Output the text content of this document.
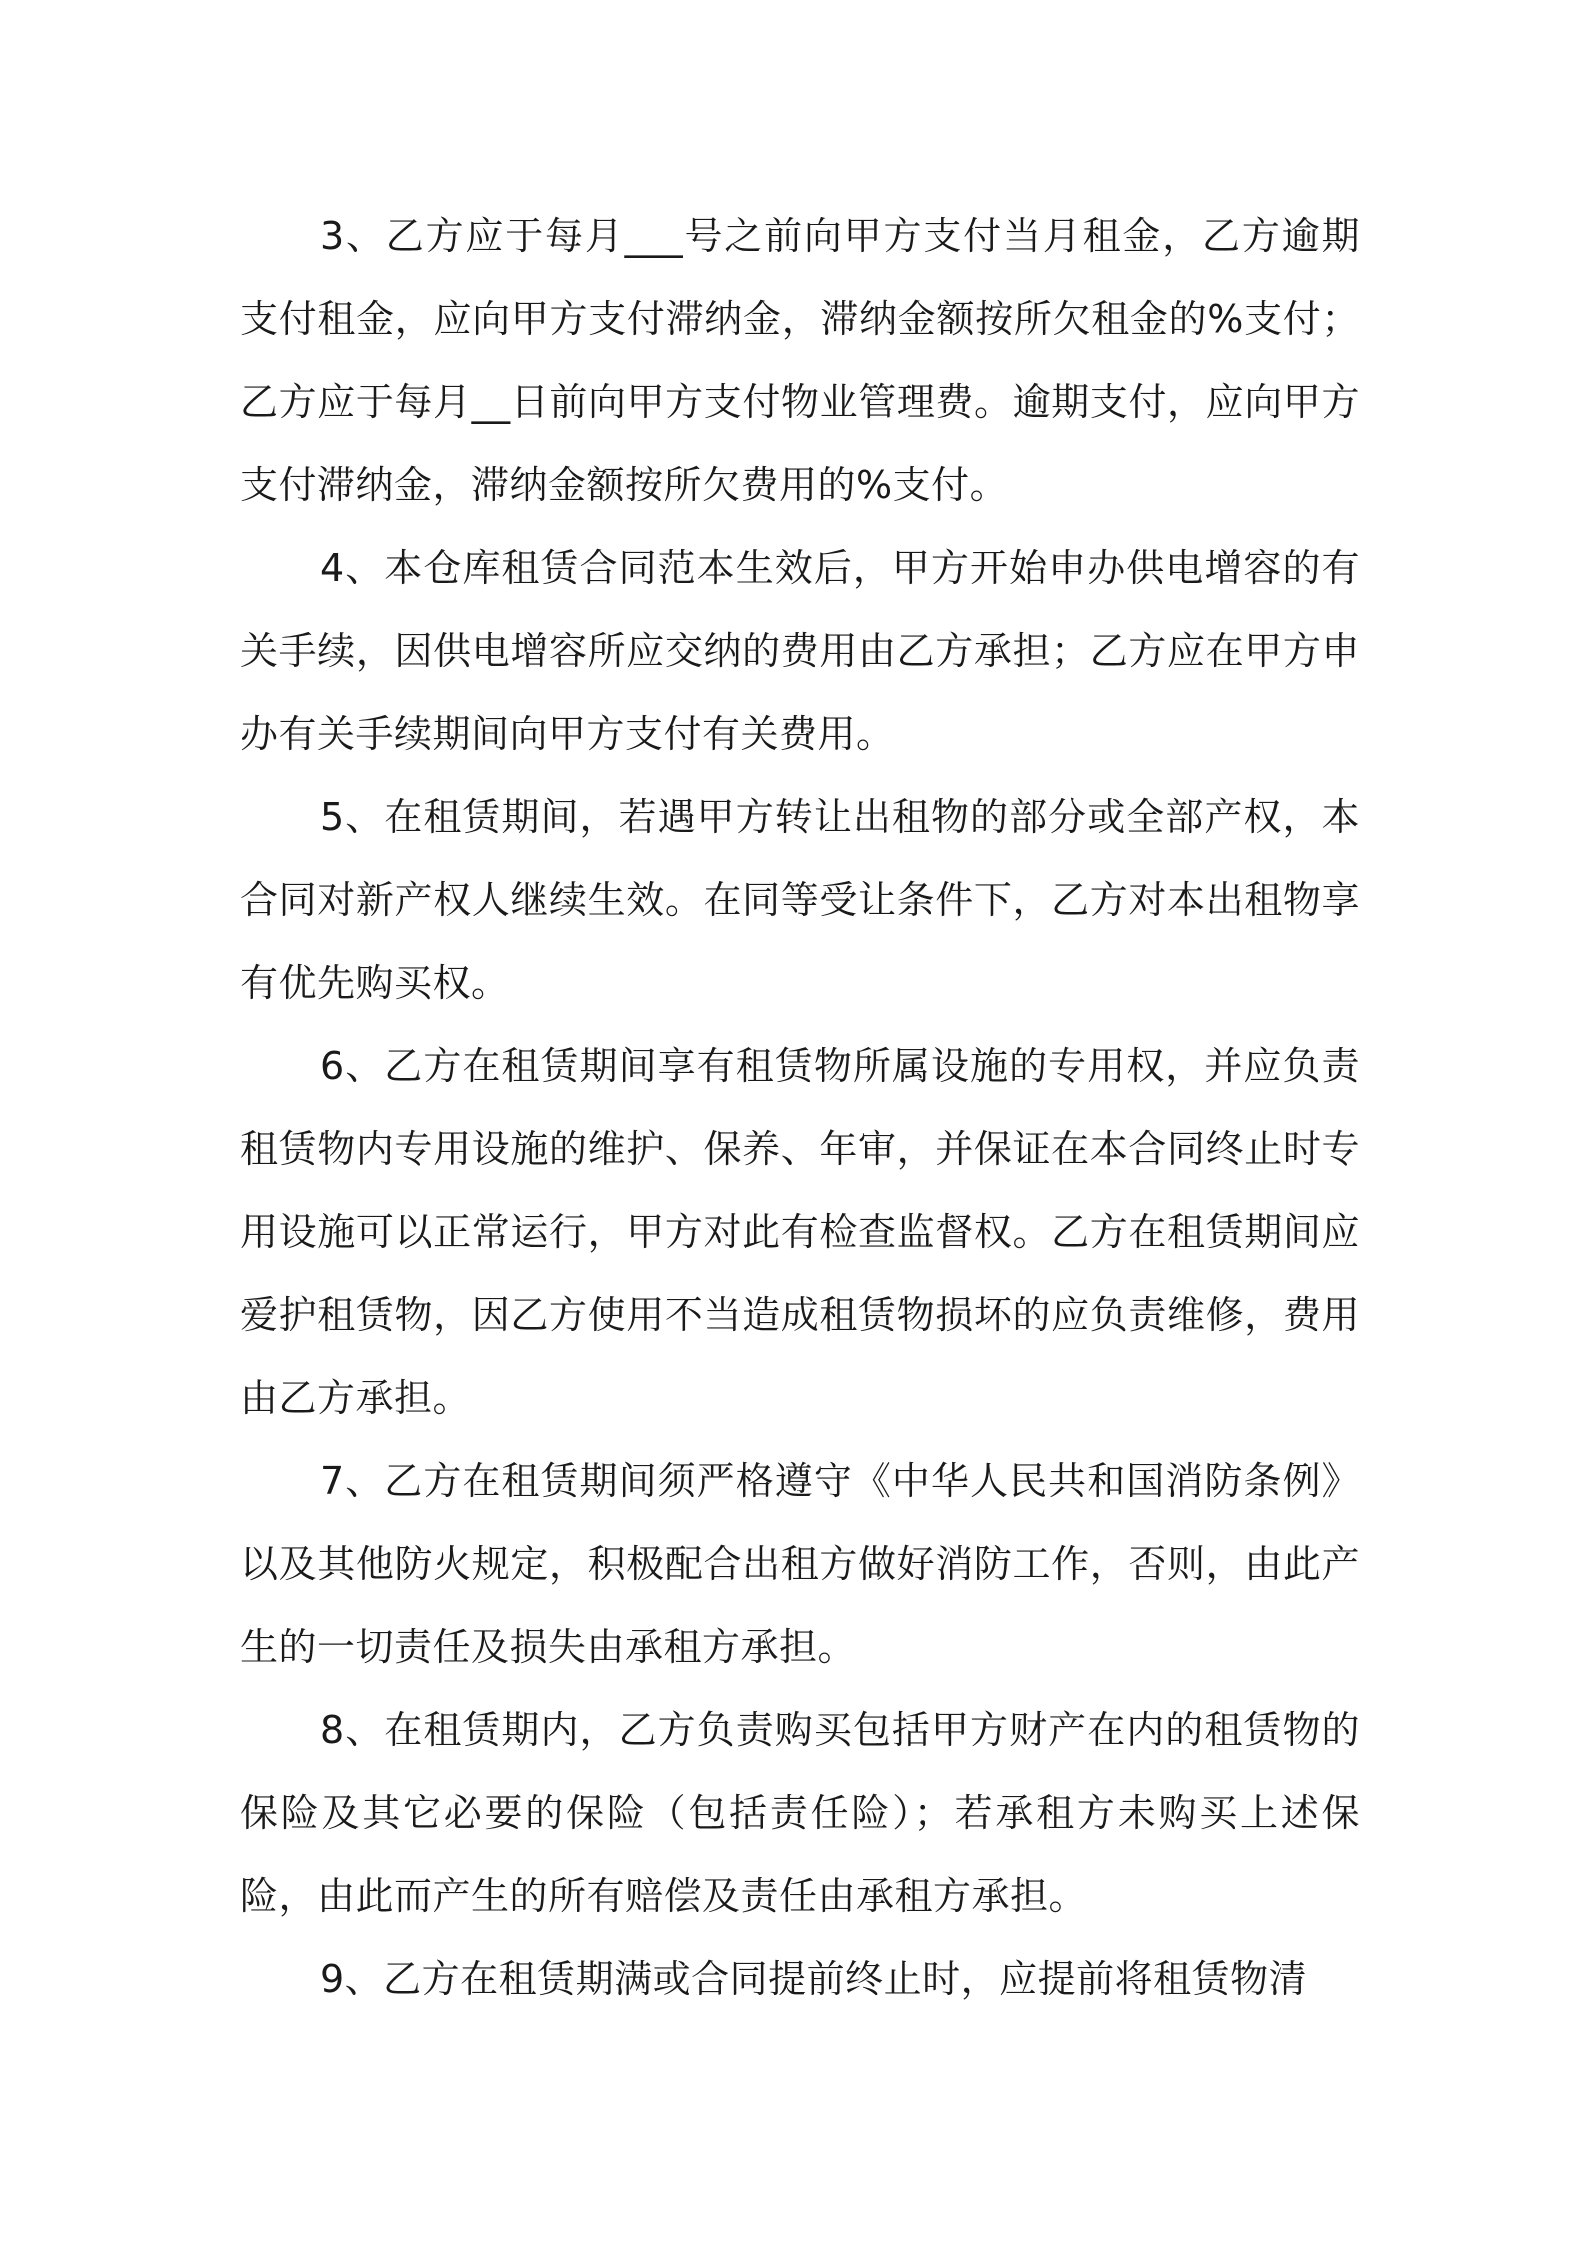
3、乙方应于每月___号之前向甲方支付当月租金，乙方逾期支付租金，应向甲方支付滞纳金，滞纳金额按所欠租金的%支付；乙方应于每月__日前向甲方支付物业管理费。逾期支付，应向甲方支付滞纳金，滞纳金额按所欠费用的%支付。

4、本仓库租赁合同范本生效后，甲方开始申办供电增容的有关手续，因供电增容所应交纳的费用由乙方承担；乙方应在甲方申办有关手续期间向甲方支付有关费用。

5、在租赁期间，若遇甲方转让出租物的部分或全部产权，本合同对新产权人继续生效。在同等受让条件下，乙方对本出租物享有优先购买权。

6、乙方在租赁期间享有租赁物所属设施的专用权，并应负责租赁物内专用设施的维护、保养、年审，并保证在本合同终止时专用设施可以正常运行，甲方对此有检查监督权。乙方在租赁期间应爱护租赁物，因乙方使用不当造成租赁物损坏的应负责维修，费用由乙方承担。

7、乙方在租赁期间须严格遵守《中华人民共和国消防条例》以及其他防火规定，积极配合出租方做好消防工作，否则，由此产生的一切责任及损失由承租方承担。

8、在租赁期内，乙方负责购买包括甲方财产在内的租赁物的保险及其它必要的保险（包括责任险）；若承租方未购买上述保险，由此而产生的所有赔偿及责任由承租方承担。

9、乙方在租赁期满或合同提前终止时，应提前将租赁物清
